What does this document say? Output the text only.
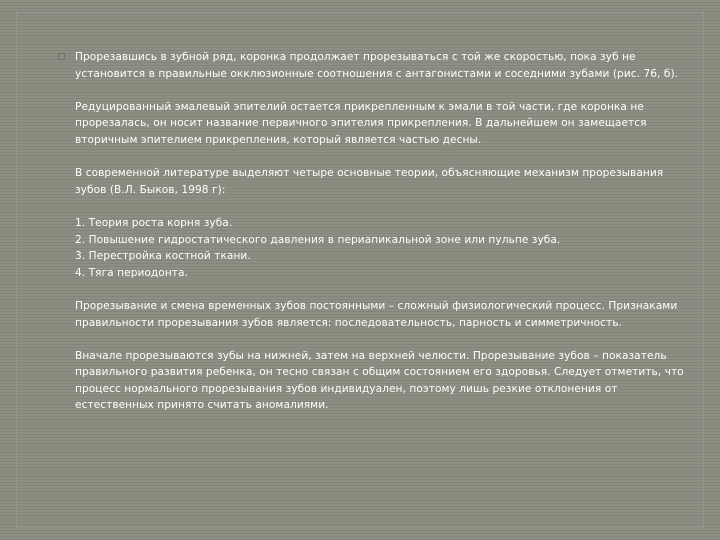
Прорезавшись в зубной ряд, коронка продолжает прорезываться с той же скоростью, пока зуб не установится в правильные окклюзионные соотношения с антагонистами и соседними зубами (рис. 76, б).

Редуцированный эмалевый эпителий остается прикрепленным к эмали в той части, где коронка не прорезалась, он носит название первичного эпителия прикрепления. В дальнейшем он замещается вторичным эпителием прикрепления, который является частью десны.

В современной литературе выделяют четыре основные теории, объясняющие механизм прорезывания зубов (В.Л. Быков, 1998 г):

1. Теория роста корня зуба.
2. Повышение гидростатического давления в периапикальной зоне или пульпе зуба.
3. Перестройка костной ткани.
4. Тяга периодонта.

Прорезывание и смена временных зубов постоянными – сложный физиологический процесс. Признаками правильности прорезывания зубов является: последовательность, парность и симметричность.

Вначале прорезываются зубы на нижней, затем на верхней челюсти. Прорезывание зубов – показатель правильного развития ребенка, он тесно связан с общим состоянием его здоровья. Следует отметить, что процесс нормального прорезывания зубов индивидуален, поэтому лишь резкие отклонения от естественных принято считать аномалиями.
